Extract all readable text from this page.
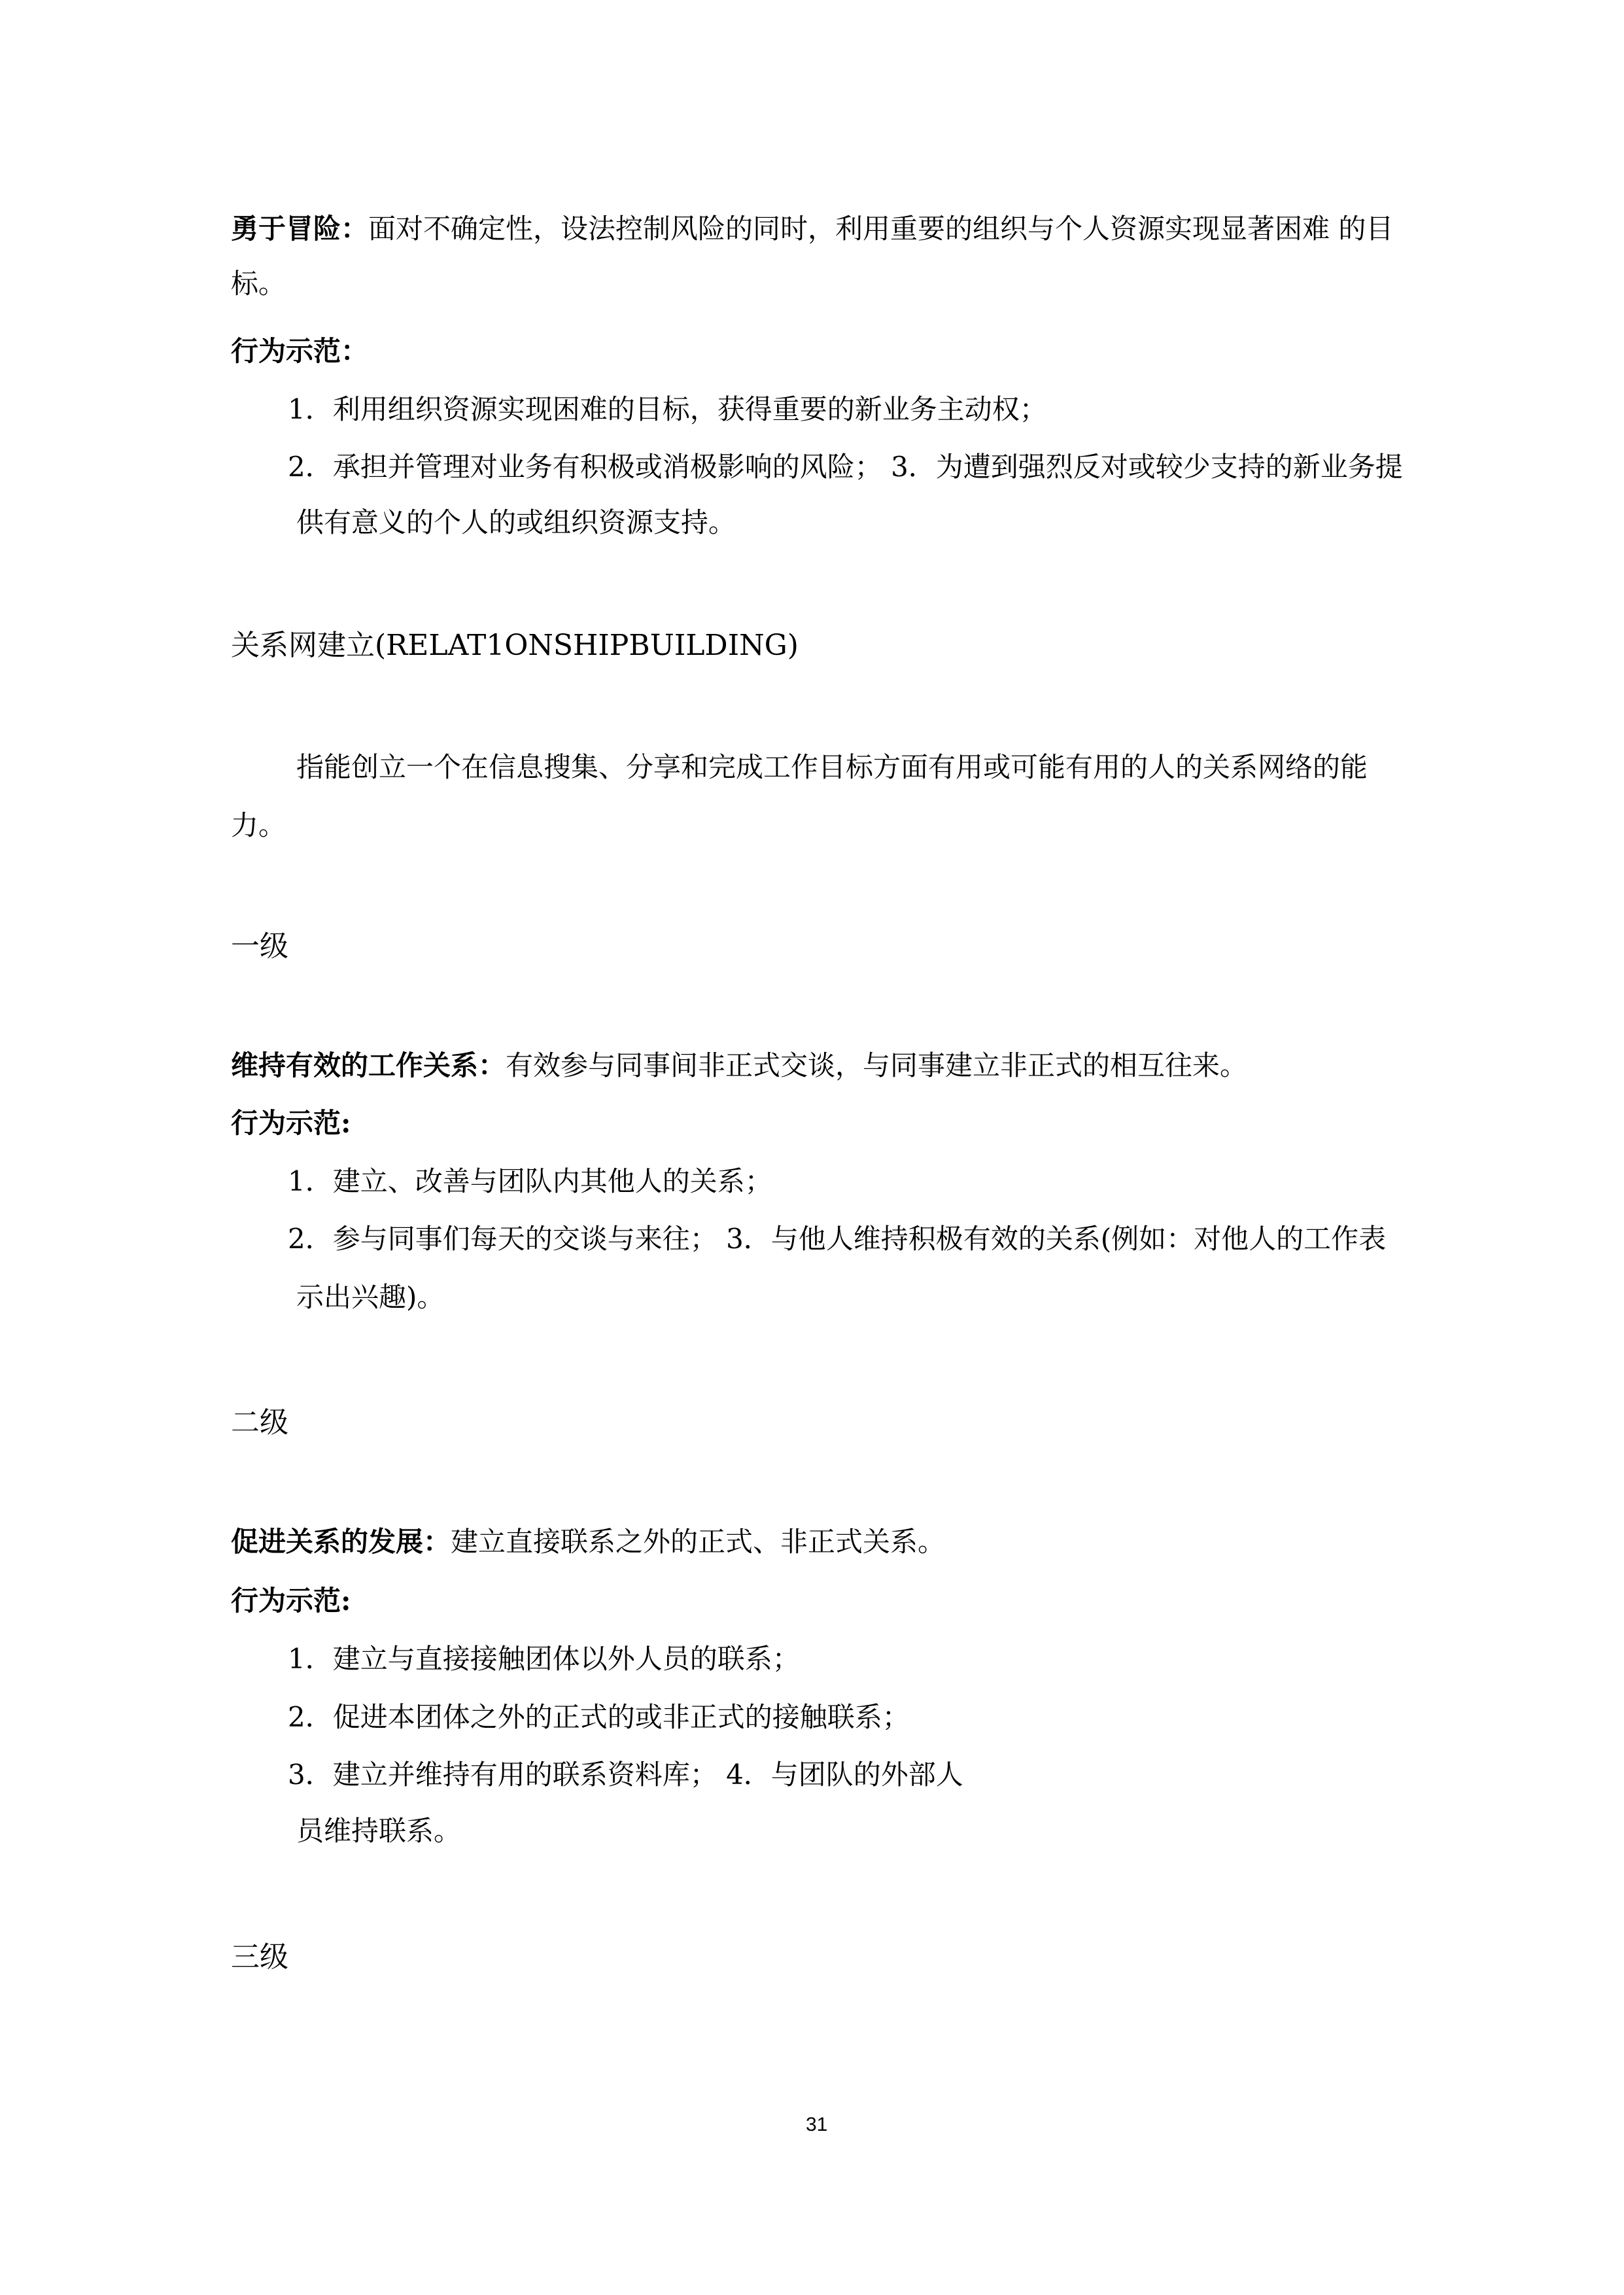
勇于冒险：面对不确定性，设法控制风险的同时，利用重要的组织与个人资源实现显著困难 的目
标。
行为示范：
1．利用组织资源实现困难的目标，获得重要的新业务主动权；
2．承担并管理对业务有积极或消极影响的风险； 3．为遭到强烈反对或较少支持的新业务提
供有意义的个人的或组织资源支持。
关系网建立(RELAT1ONSHIPBUILDING)
指能创立一个在信息搜集、分享和完成工作目标方面有用或可能有用的人的关系网络的能
力。
一级
维持有效的工作关系：有效参与同事间非正式交谈，与同事建立非正式的相互往来。
行为示范:
1．建立、改善与团队内其他人的关系；
2．参与同事们每天的交谈与来往； 3．与他人维持积极有效的关系(例如：对他人的工作表
示出兴趣)。
二级
促进关系的发展：建立直接联系之外的正式、非正式关系。
行为示范:
1．建立与直接接触团体以外人员的联系；
2．促进本团体之外的正式的或非正式的接触联系；
3．建立并维持有用的联系资料库； 4．与团队的外部人
员维持联系。
三级
31
